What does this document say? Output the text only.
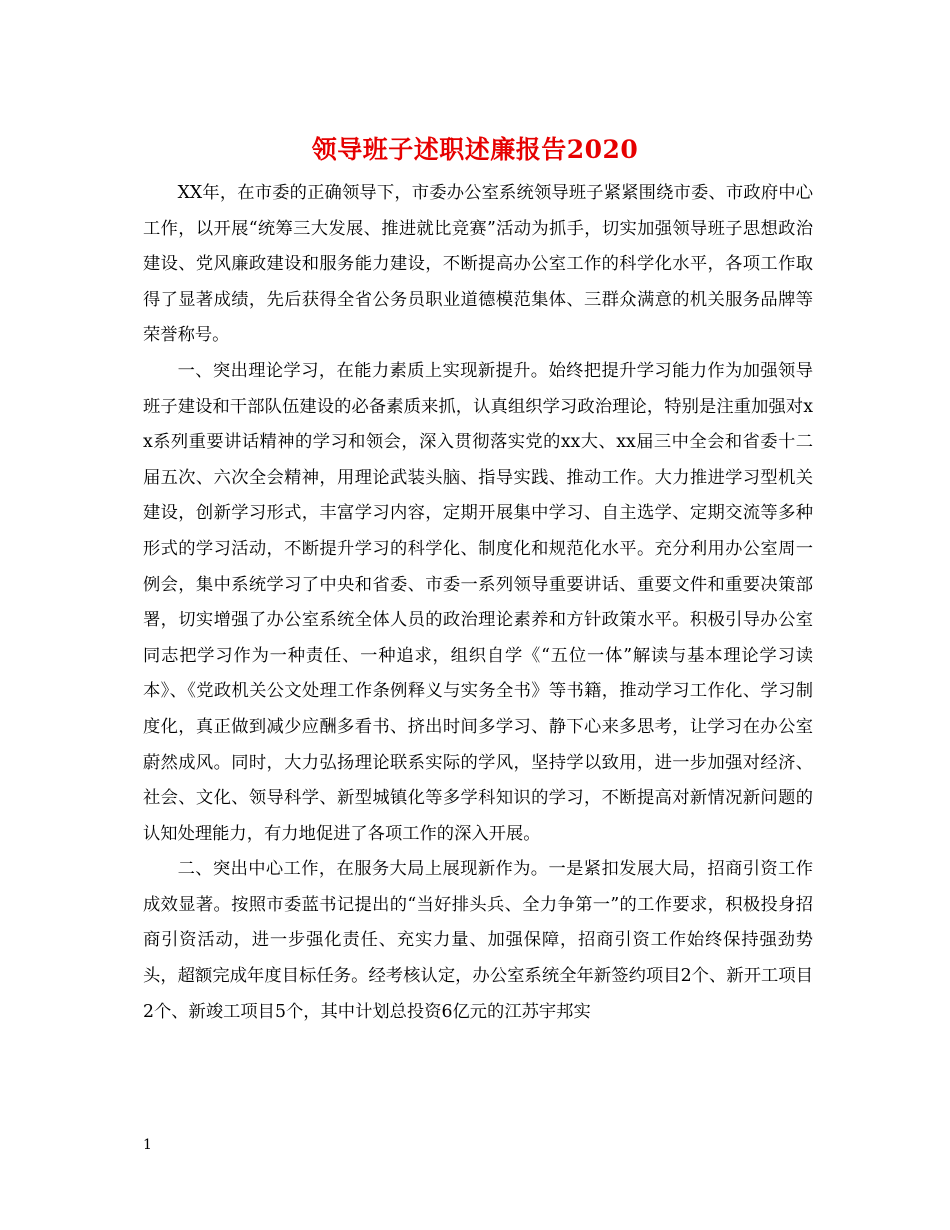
领导班子述职述廉报告2020

XX年，在市委的正确领导下，市委办公室系统领导班子紧紧围绕市委、市政府中心工作，以开展“统筹三大发展、推进就比竞赛”活动为抓手，切实加强领导班子思想政治建设、党风廉政建设和服务能力建设，不断提高办公室工作的科学化水平，各项工作取得了显著成绩，先后获得全省公务员职业道德模范集体、三群众满意的机关服务品牌等荣誉称号。

一、突出理论学习，在能力素质上实现新提升。始终把提升学习能力作为加强领导班子建设和干部队伍建设的必备素质来抓，认真组织学习政治理论，特别是注重加强对xx系列重要讲话精神的学习和领会，深入贯彻落实党的xx大、xx届三中全会和省委十二届五次、六次全会精神，用理论武装头脑、指导实践、推动工作。大力推进学习型机关建设，创新学习形式，丰富学习内容，定期开展集中学习、自主选学、定期交流等多种形式的学习活动，不断提升学习的科学化、制度化和规范化水平。充分利用办公室周一例会，集中系统学习了中央和省委、市委一系列领导重要讲话、重要文件和重要决策部署，切实增强了办公室系统全体人员的政治理论素养和方针政策水平。积极引导办公室同志把学习作为一种责任、一种追求，组织自学《“五位一体”解读与基本理论学习读本》、《党政机关公文处理工作条例释义与实务全书》等书籍，推动学习工作化、学习制度化，真正做到减少应酬多看书、挤出时间多学习、静下心来多思考，让学习在办公室蔚然成风。同时，大力弘扬理论联系实际的学风，坚持学以致用，进一步加强对经济、社会、文化、领导科学、新型城镇化等多学科知识的学习，不断提高对新情况新问题的认知处理能力，有力地促进了各项工作的深入开展。

二、突出中心工作，在服务大局上展现新作为。一是紧扣发展大局，招商引资工作成效显著。按照市委蓝书记提出的“当好排头兵、全力争第一”的工作要求，积极投身招商引资活动，进一步强化责任、充实力量、加强保障，招商引资工作始终保持强劲势头，超额完成年度目标任务。经考核认定，办公室系统全年新签约项目2个、新开工项目2个、新竣工项目5个，其中计划总投资6亿元的江苏宇邦实

1
